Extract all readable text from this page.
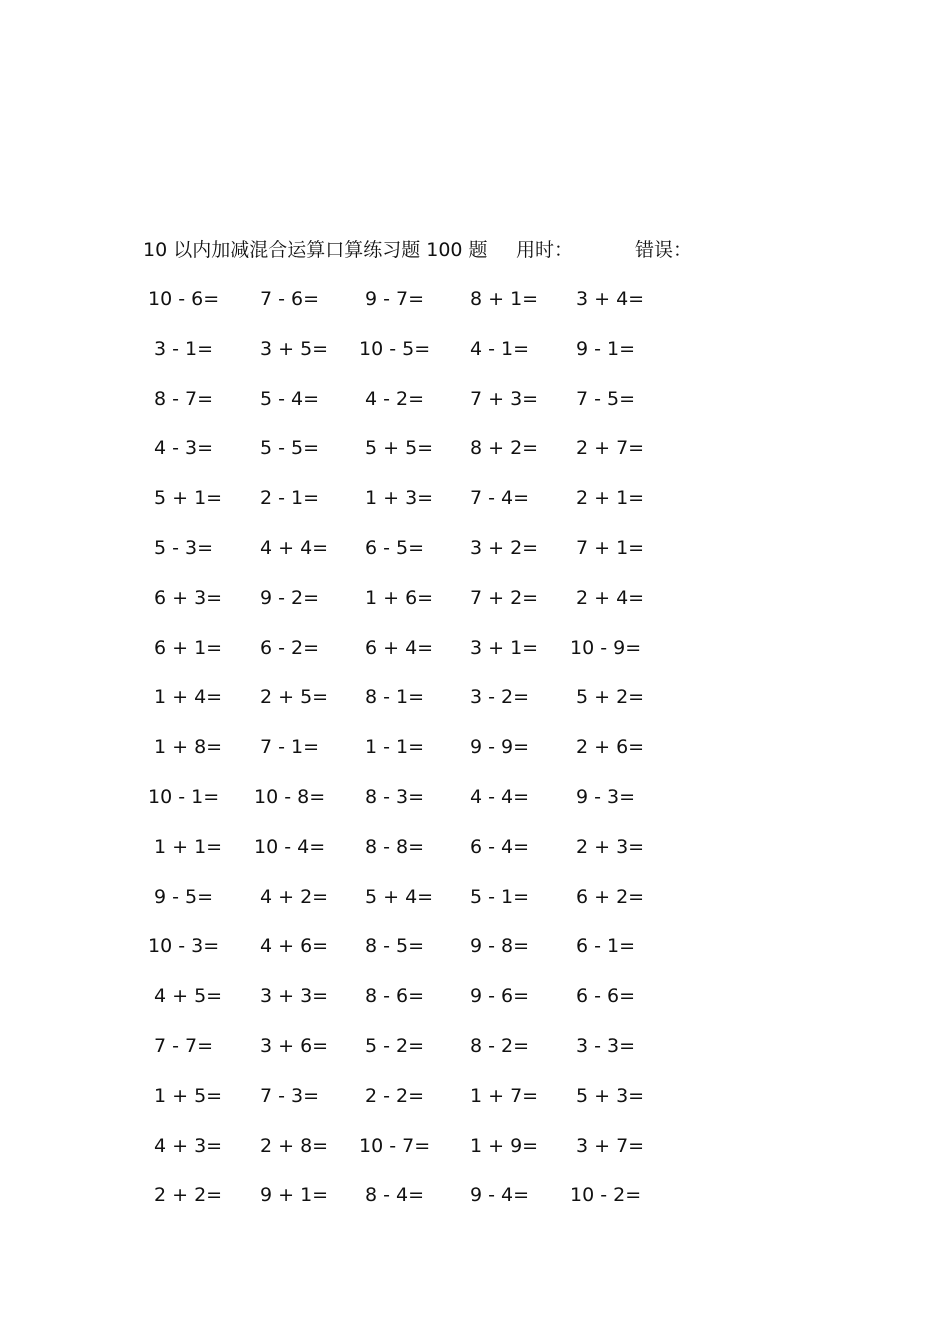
10 以内加减混合运算口算练习题 100 题 用时：	错误：
10 - 6= 7 - 6= 9 - 7= 8 + 1= 3 + 4=
3 - 1= 3 + 5= 10 - 5= 4 - 1= 9 - 1=
8 - 7= 5 - 4= 4 - 2= 7 + 3= 7 - 5=
4 - 3= 5 - 5= 5 + 5= 8 + 2= 2 + 7=
5 + 1= 2 - 1= 1 + 3= 7 - 4= 2 + 1=
5 - 3= 4 + 4= 6 - 5= 3 + 2= 7 + 1=
6 + 3= 9 - 2= 1 + 6= 7 + 2= 2 + 4=
6 + 1= 6 - 2= 6 + 4= 3 + 1= 10 - 9=
1 + 4= 2 + 5= 8 - 1= 3 - 2= 5 + 2=
1 + 8= 7 - 1= 1 - 1= 9 - 9= 2 + 6=
10 - 1= 10 - 8= 8 - 3= 4 - 4= 9 - 3=
1 + 1= 10 - 4= 8 - 8= 6 - 4= 2 + 3=
9 - 5= 4 + 2= 5 + 4= 5 - 1= 6 + 2=
10 - 3= 4 + 6= 8 - 5= 9 - 8= 6 - 1=
4 + 5= 3 + 3= 8 - 6= 9 - 6= 6 - 6=
7 - 7= 3 + 6= 5 - 2= 8 - 2= 3 - 3=
1 + 5= 7 - 3= 2 - 2= 1 + 7= 5 + 3=
4 + 3= 2 + 8= 10 - 7= 1 + 9= 3 + 7=
2 + 2= 9 + 1= 8 - 4= 9 - 4= 10 - 2=
